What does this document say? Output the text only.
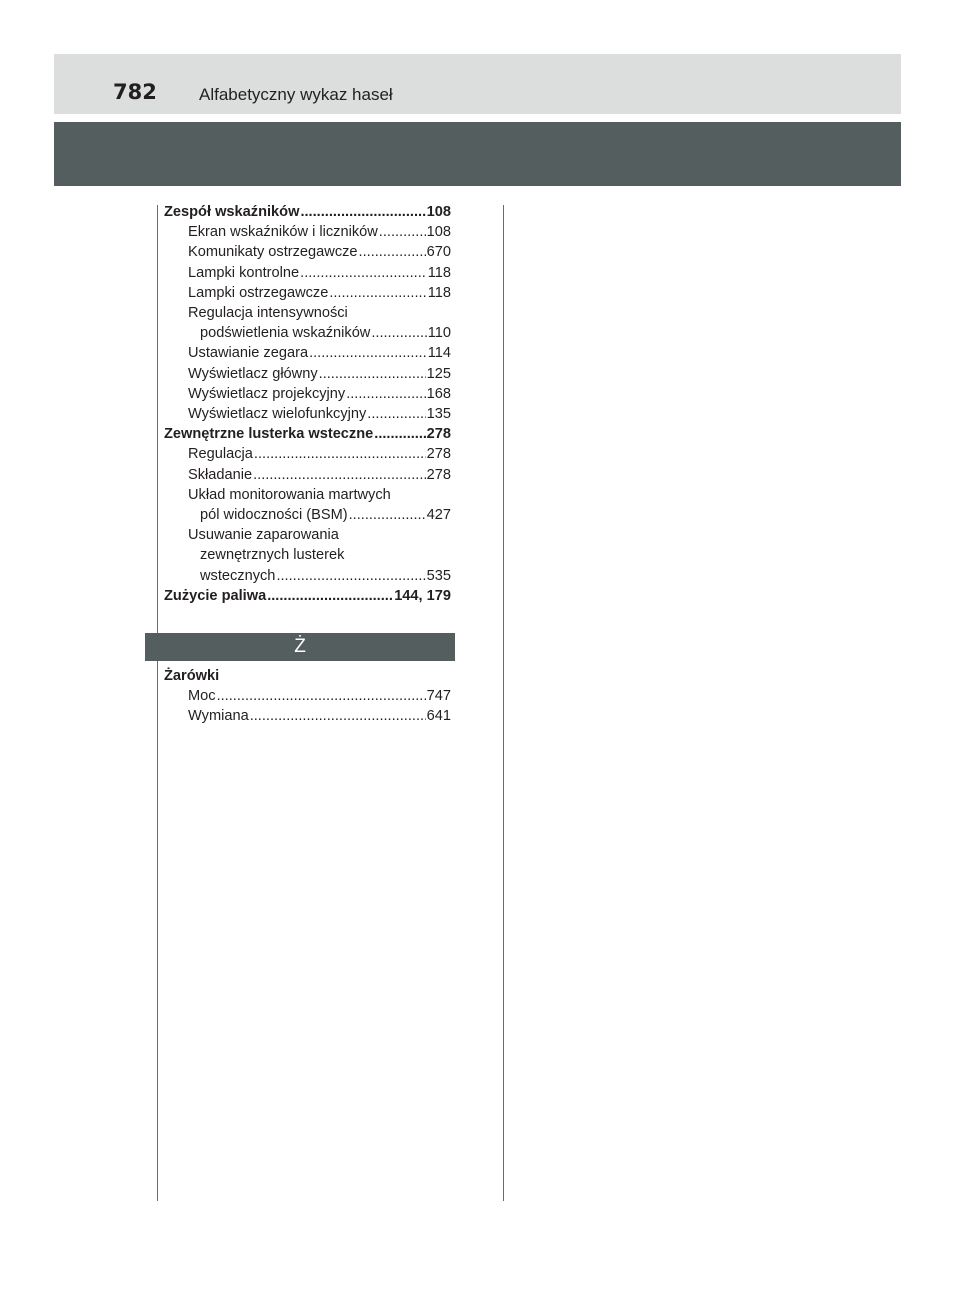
782 Alfabetyczny wykaz haseł
Zespół wskaźników .....	108
Ekran wskaźników i liczników .....	108
Komunikaty ostrzegawcze .....	670
Lampki kontrolne .....	118
Lampki ostrzegawcze .....	118
Regulacja intensywności
podświetlenia wskaźników .....	110
Ustawianie zegara .....	114
Wyświetlacz główny .....	125
Wyświetlacz projekcyjny .....	168
Wyświetlacz wielofunkcyjny .....	135
Zewnętrzne lusterka wsteczne .....	278
Regulacja .....	278
Składanie .....	278
Układ monitorowania martwych
pól widoczności (BSM) .....	427
Usuwanie zaparowania
zewnętrznych lusterek
wstecznych .....	535
Zużycie paliwa .....	144, 179
Ż
Żarówki
Moc .....	747
Wymiana .....	641
